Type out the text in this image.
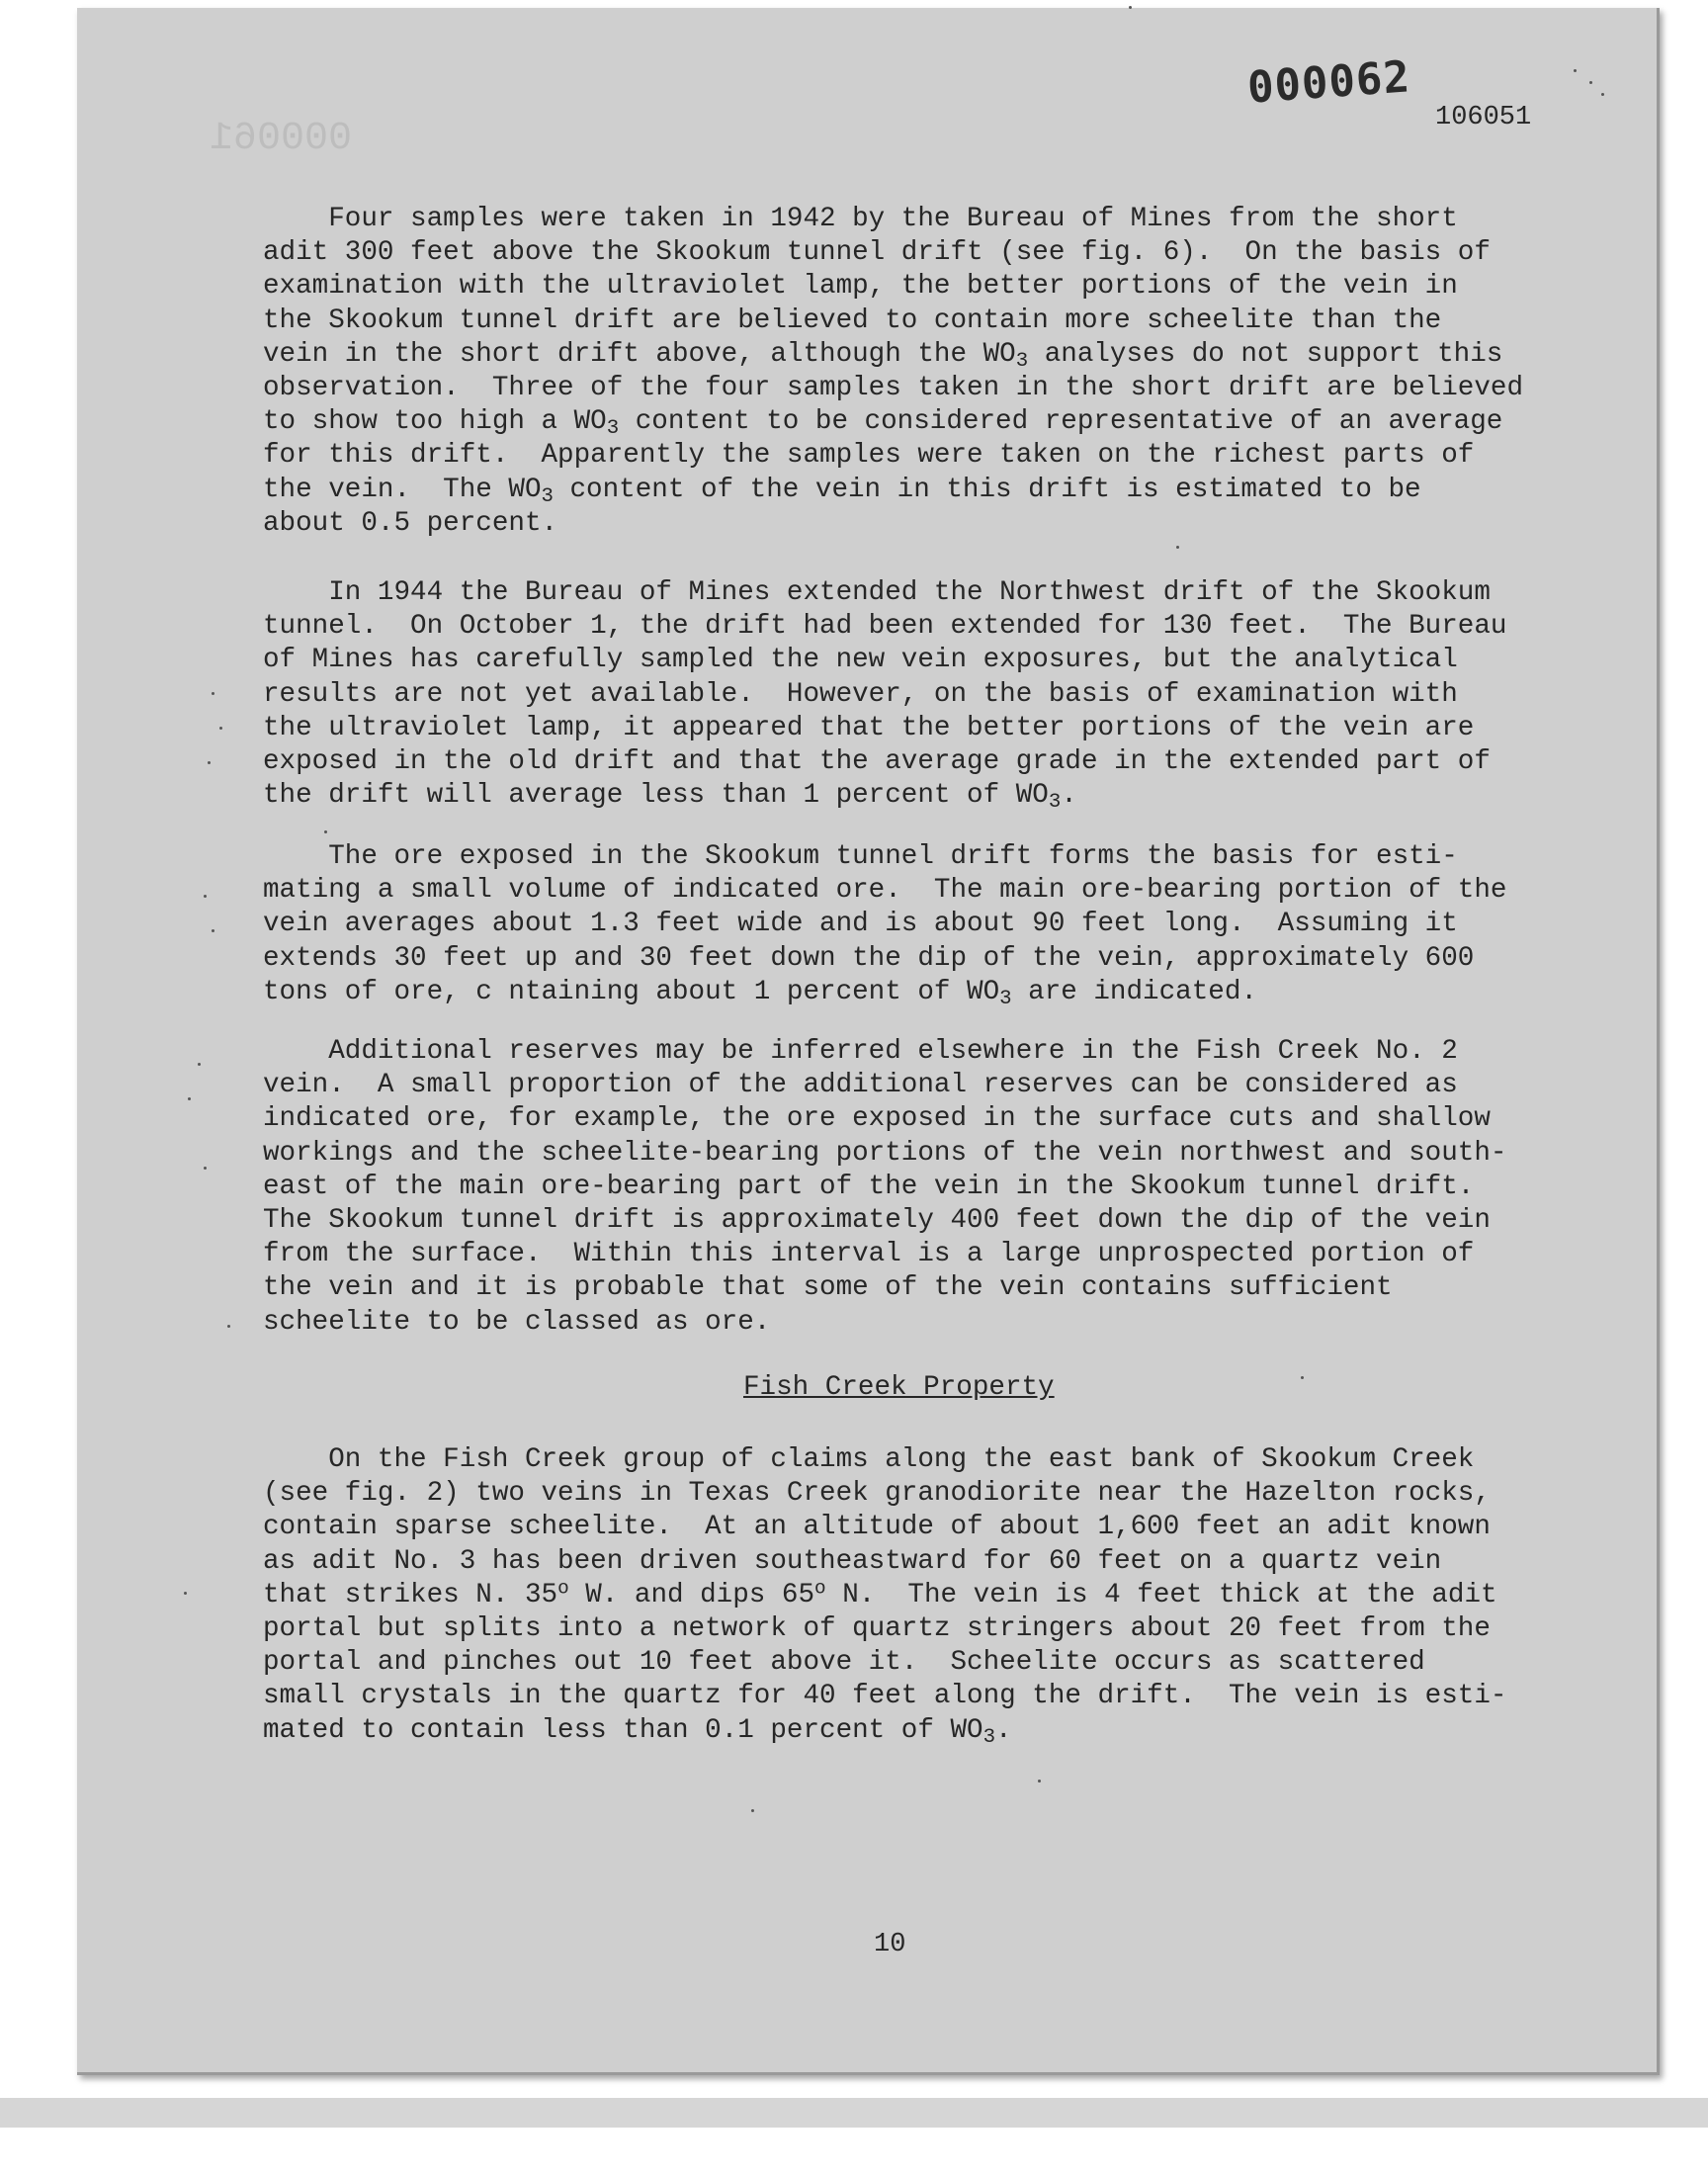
000061
000062
106051
Four samples were taken in 1942 by the Bureau of Mines from the short
adit 300 feet above the Skookum tunnel drift (see fig. 6).  On the basis of
examination with the ultraviolet lamp, the better portions of the vein in
the Skookum tunnel drift are believed to contain more scheelite than the
vein in the short drift above, although the $WO_3$ analyses do not support this
observation.  Three of the four samples taken in the short drift are believed
to show too high a $WO_3$ content to be considered representative of an average
for this drift.  Apparently the samples were taken on the richest parts of
the vein.  The $WO_3$ content of the vein in this drift is estimated to be
about 0.5 percent.
In 1944 the Bureau of Mines extended the Northwest drift of the Skookum
tunnel.  On October 1, the drift had been extended for 130 feet.  The Bureau
of Mines has carefully sampled the new vein exposures, but the analytical
results are not yet available.  However, on the basis of examination with
the ultraviolet lamp, it appeared that the better portions of the vein are
exposed in the old drift and that the average grade in the extended part of
the drift will average less than 1 percent of $WO_3$.
The ore exposed in the Skookum tunnel drift forms the basis for esti-
mating a small volume of indicated ore.  The main ore-bearing portion of the
vein averages about 1.3 feet wide and is about 90 feet long.  Assuming it
extends 30 feet up and 30 feet down the dip of the vein, approximately 600
tons of ore, c ntaining about 1 percent of $WO_3$ are indicated.
Additional reserves may be inferred elsewhere in the Fish Creek No. 2
vein.  A small proportion of the additional reserves can be considered as
indicated ore, for example, the ore exposed in the surface cuts and shallow
workings and the scheelite-bearing portions of the vein northwest and south-
east of the main ore-bearing part of the vein in the Skookum tunnel drift.
The Skookum tunnel drift is approximately 400 feet down the dip of the vein
from the surface.  Within this interval is a large unprospected portion of
the vein and it is probable that some of the vein contains sufficient
scheelite to be classed as ore.
Fish Creek Property
On the Fish Creek group of claims along the east bank of Skookum Creek
(see fig. 2) two veins in Texas Creek granodiorite near the Hazelton rocks,
contain sparse scheelite.  At an altitude of about 1,600 feet an adit known
as adit No. 3 has been driven southeastward for 60 feet on a quartz vein
that strikes N. 35$^o$ W. and dips 65$^o$ N.  The vein is 4 feet thick at the adit
portal but splits into a network of quartz stringers about 20 feet from the
portal and pinches out 10 feet above it.  Scheelite occurs as scattered
small crystals in the quartz for 40 feet along the drift.  The vein is esti-
mated to contain less than 0.1 percent of $WO_3$.
10
